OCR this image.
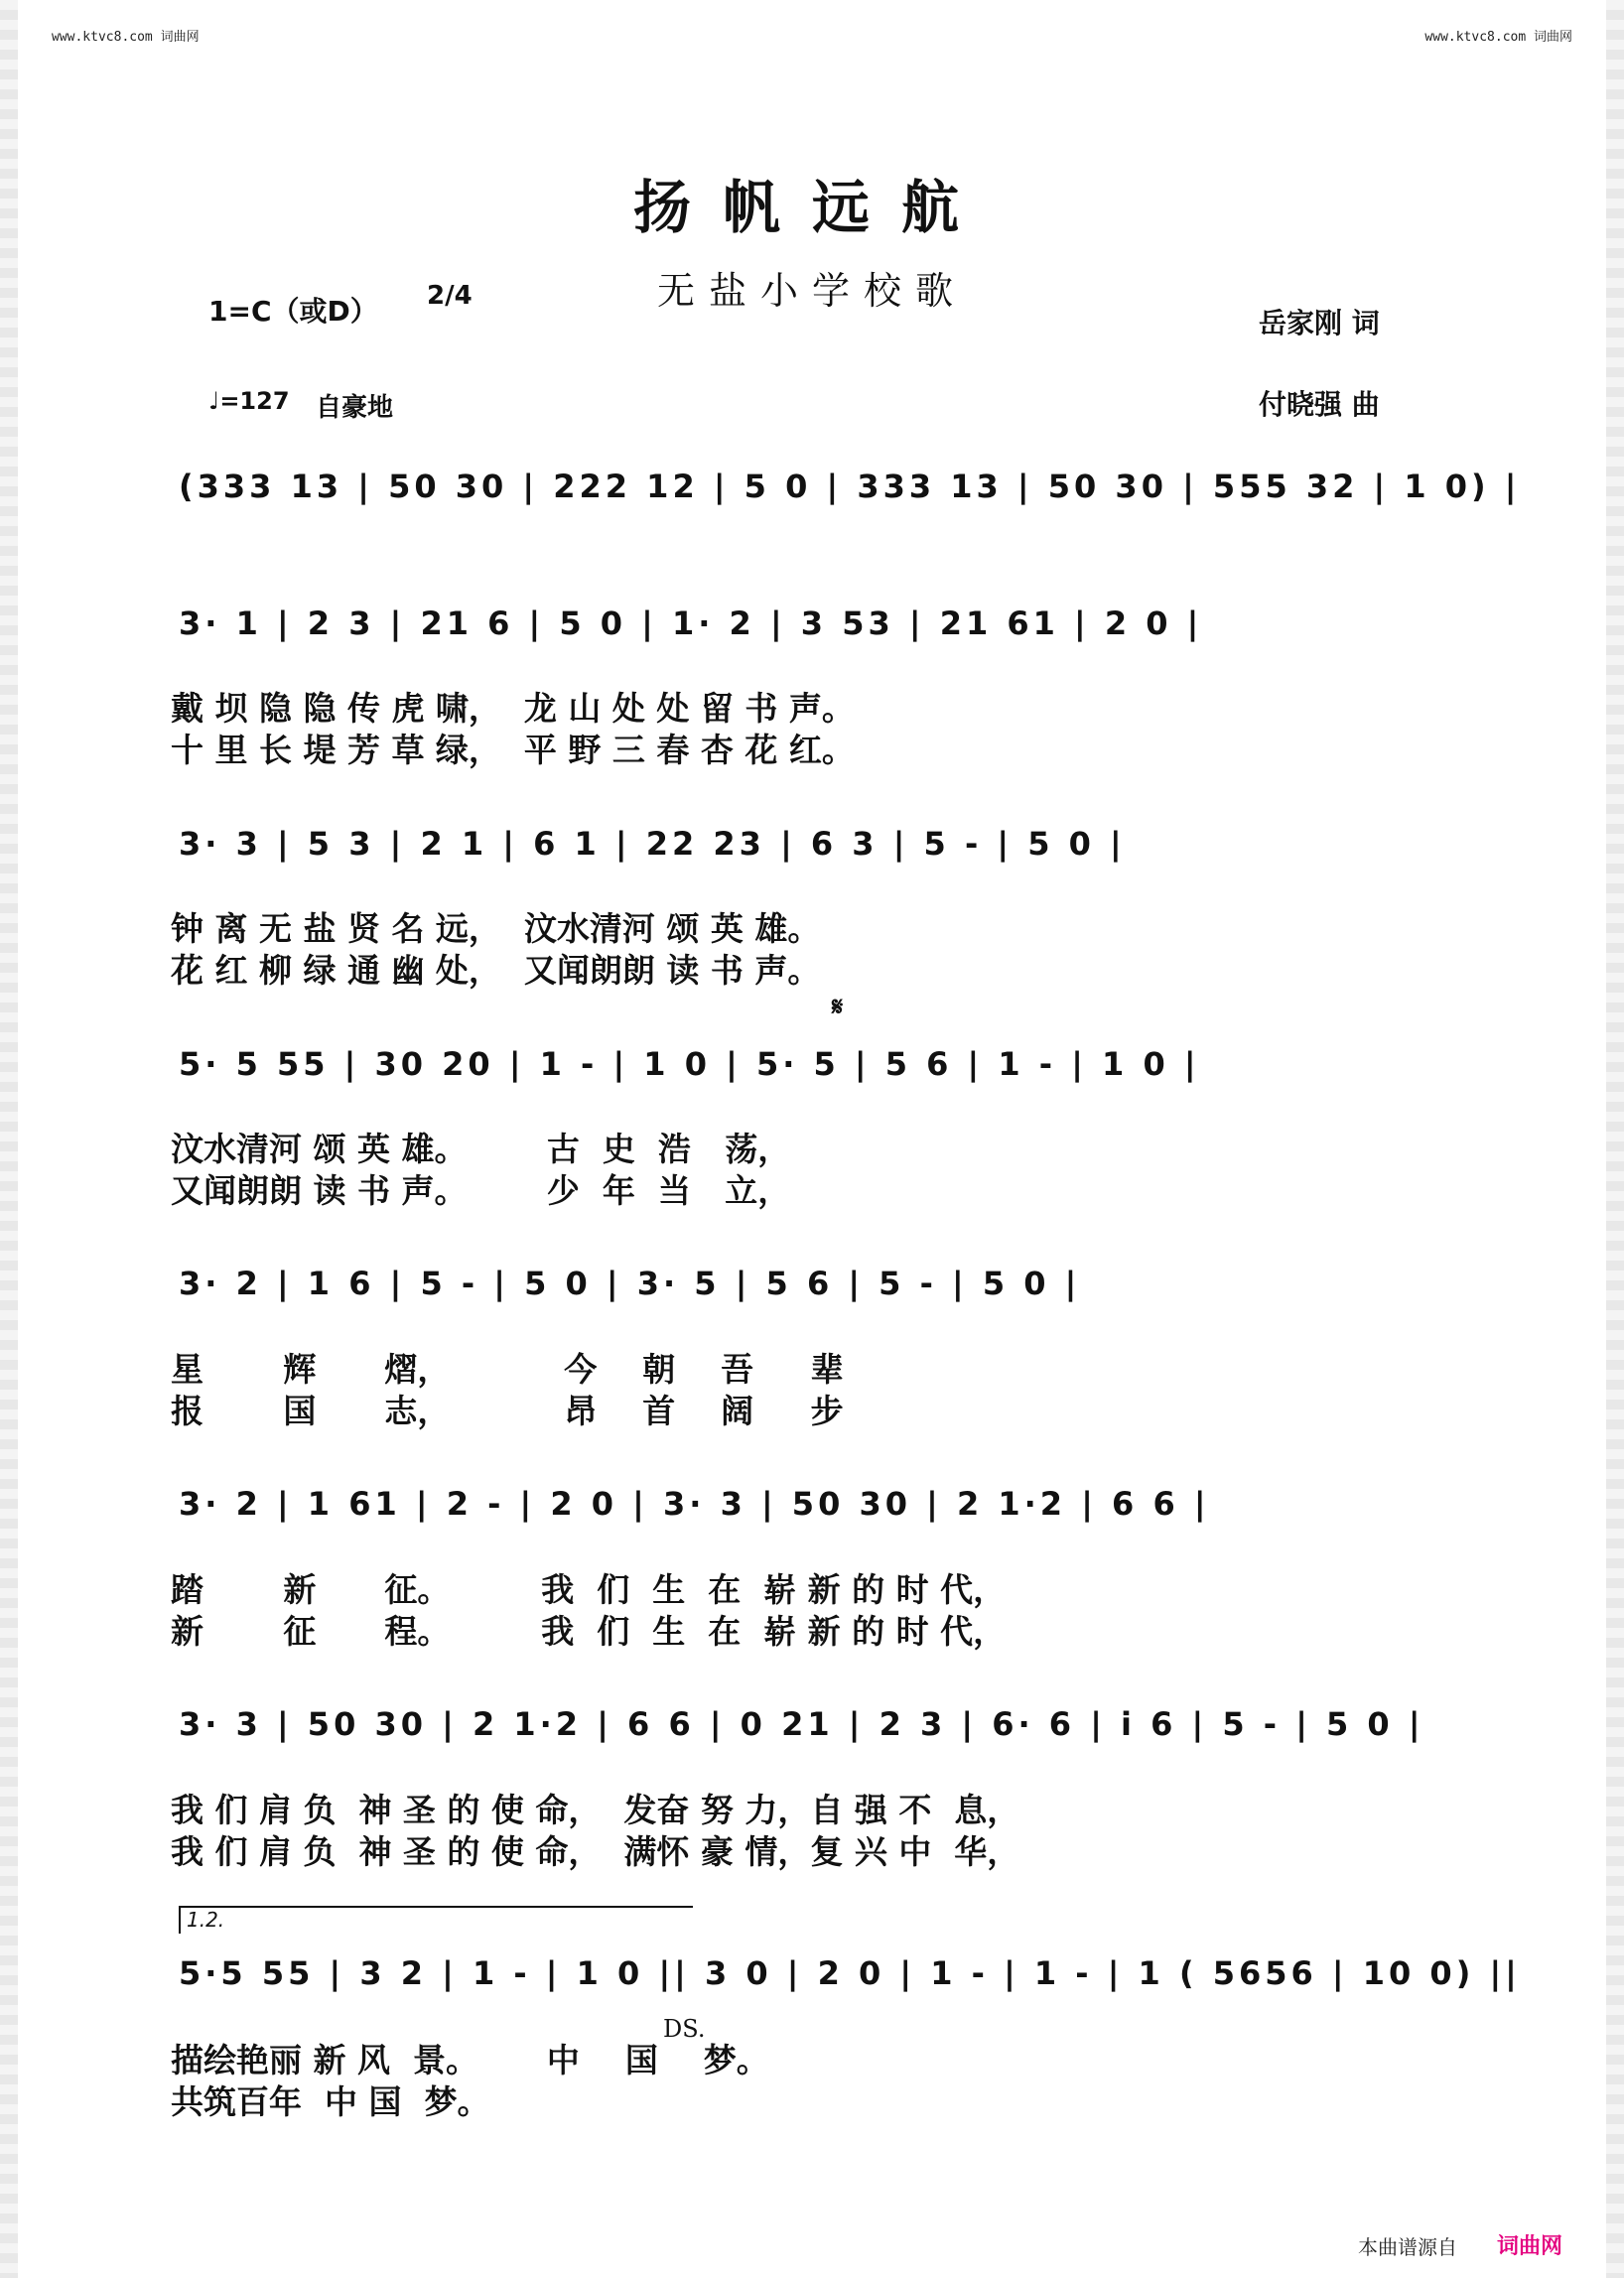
www.ktvc8.com 词曲网	www.ktvc8.com 词曲网
扬帆远航
无盐小学校歌
1=C（或D） 2/4
岳家刚 词
♩=127 自豪地	付晓强 曲
(333 13 | 50 30 | 222 12 | 5 0 | 333 13 | 50 30 | 555 32 | 1 0) |
3· 1 | 2 3 | 21 6 | 5 0 | 1· 2 | 3 53 | 21 61 | 2 0 |
戴 坝 隐 隐 传 虎 啸，  龙 山 处 处 留 书 声。
十 里 长 堤 芳 草 绿，  平 野 三 春 杏 花 红。
3· 3 | 5 3 | 2 1 | 6 1 | 22 23 | 6 3 | 5 - | 5 0 |
钟 离 无 盐 贤 名 远，  汶水清河 颂 英 雄。
花 红 柳 绿 通 幽 处，  又闻朗朗 读 书 声。
𝄋
5· 5 55 | 30 20 | 1 - | 1 0 | 5· 5 | 5 6 | 1 - | 1 0 |
汶水清河 颂 英 雄。       古  史  浩   荡，
又闻朗朗 读 书 声。       少  年  当   立，
3· 2 | 1 6 | 5 - | 5 0 | 3· 5 | 5 6 | 5 - | 5 0 |
星       辉      熠，          今    朝    吾     辈
报       国      志，          昂    首    阔     步
3· 2 | 1 61 | 2 - | 2 0 | 3· 3 | 50 30 | 2 1·2 | 6 6 |
踏       新      征。        我  们  生  在  崭 新 的 时 代，
新       征      程。        我  们  生  在  崭 新 的 时 代，
3· 3 | 50 30 | 2 1·2 | 6 6 | 0 21 | 2 3 | 6· 6 | i 6 | 5 - | 5 0 |
我 们 肩 负  神 圣 的 使 命，  发奋 努 力，自 强 不  息，
我 们 肩 负  神 圣 的 使 命，  满怀 豪 情，复 兴 中  华，
1.2.
5·5 55 | 3 2 | 1 - | 1 0 || 3 0 | 2 0 | 1 - | 1 - | 1 ( 5656 | 10 0) ||
DS.
描绘艳丽 新 风  景。      中    国    梦。
共筑百年  中 国  梦。
本曲谱源自 词曲网
